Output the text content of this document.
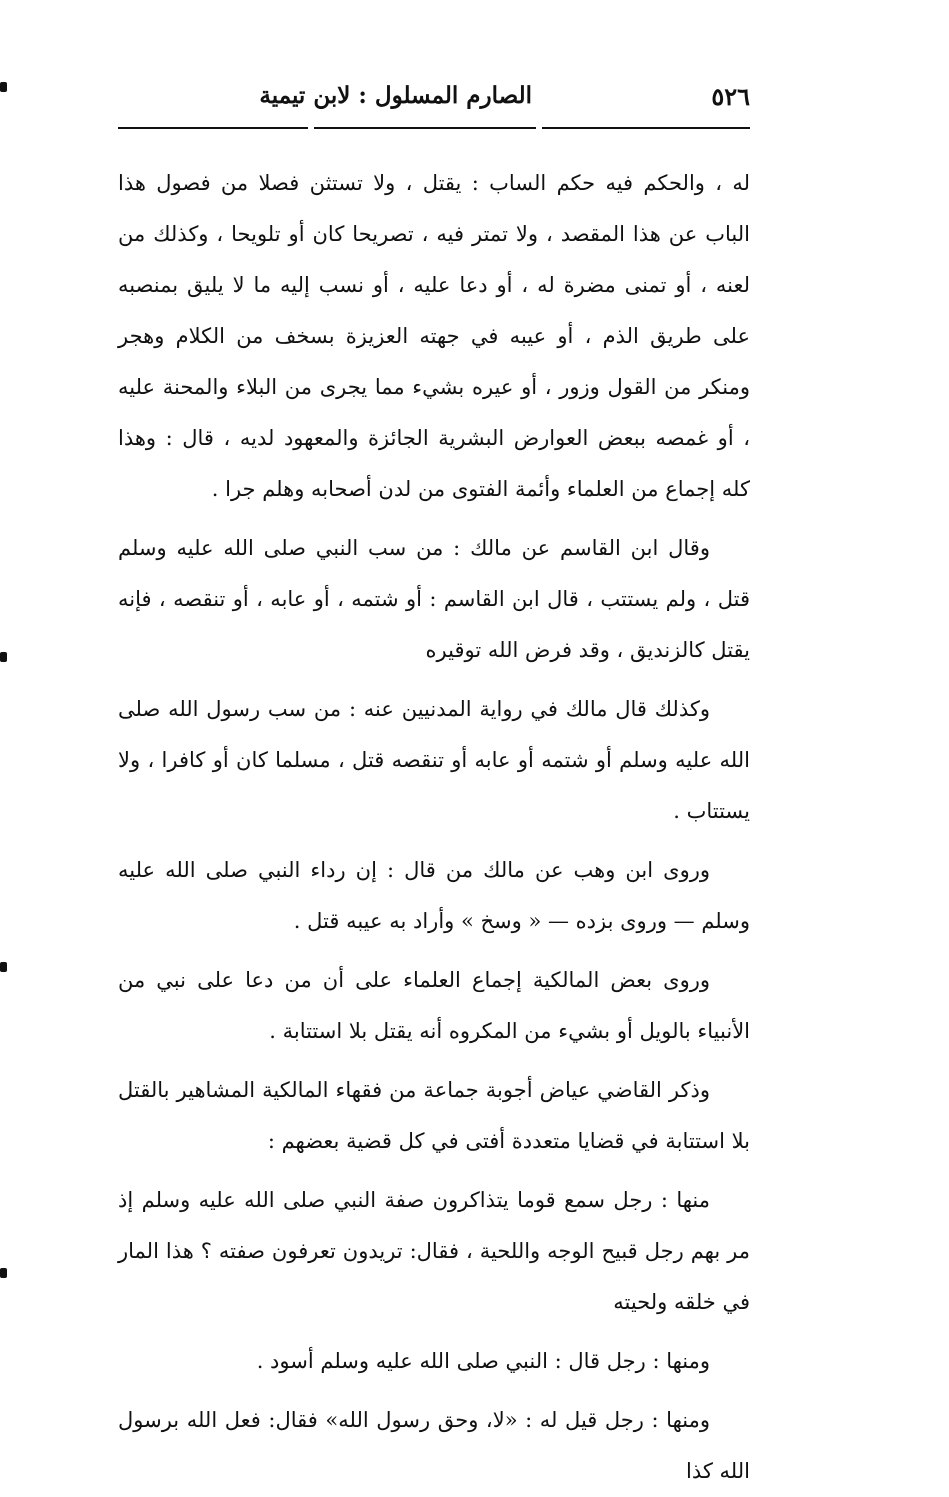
٥٢٦
الصارم المسلول : لابن تيمية

له ، والحكم فيه حكم الساب : يقتل ، ولا تستثن فصلا من فصول هذا الباب عن هذا المقصد ، ولا تمتر فيه ، تصريحا كان أو تلويحا ، وكذلك من لعنه ، أو تمنى مضرة له ، أو دعا عليه ، أو نسب إليه ما لا يليق بمنصبه على طريق الذم ، أو عيبه في جهته العزيزة بسخف من الكلام وهجر ومنكر من القول وزور ، أو عيره بشيء مما يجرى من البلاء والمحنة عليه ، أو غمصه ببعض العوارض البشرية الجائزة والمعهود لديه ، قال : وهذا كله إجماع من العلماء وأئمة الفتوى من لدن أصحابه وهلم جرا .

وقال ابن القاسم عن مالك : من سب النبي صلى الله عليه وسلم قتل ، ولم يستتب ، قال ابن القاسم : أو شتمه ، أو عابه ، أو تنقصه ، فإنه يقتل كالزنديق ، وقد فرض الله توقيره

وكذلك قال مالك في رواية المدنيين عنه : من سب رسول الله صلى الله عليه وسلم أو شتمه أو عابه أو تنقصه قتل ، مسلما كان أو كافرا ، ولا يستتاب .

وروى ابن وهب عن مالك من قال : إن رداء النبي صلى الله عليه وسلم — وروى بزده — « وسخ » وأراد به عيبه قتل .

وروى بعض المالكية إجماع العلماء على أن من دعا على نبي من الأنبياء بالويل أو بشيء من المكروه أنه يقتل بلا استتابة .

وذكر القاضي عياض أجوبة جماعة من فقهاء المالكية المشاهير بالقتل بلا استتابة في قضايا متعددة أفتى في كل قضية بعضهم :

منها : رجل سمع قوما يتذاكرون صفة النبي صلى الله عليه وسلم إذ مر بهم رجل قبيح الوجه واللحية ، فقال: تريدون تعرفون صفته ؟ هذا المار في خلقه ولحيته

ومنها : رجل قال : النبي صلى الله عليه وسلم أسود .

ومنها : رجل قيل له : «لا، وحق رسول الله» فقال: فعل الله برسول الله كذا
